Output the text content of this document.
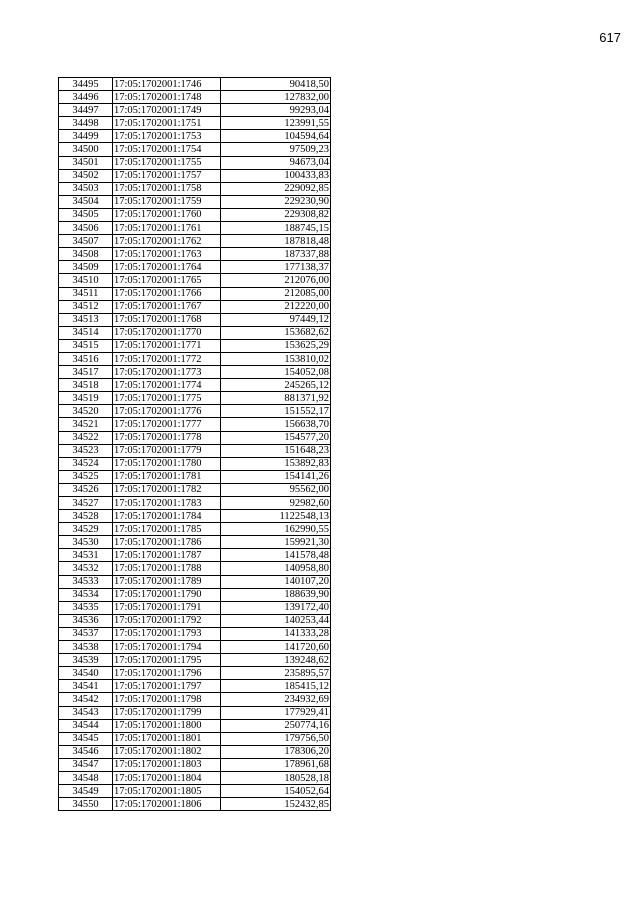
617
34495	17:05:1702001:1746	90418,50
34496	17:05:1702001:1748	127832,00
34497	17:05:1702001:1749	99293,04
34498	17:05:1702001:1751	123991,55
34499	17:05:1702001:1753	104594,64
34500	17:05:1702001:1754	97509,23
34501	17:05:1702001:1755	94673,04
34502	17:05:1702001:1757	100433,83
34503	17:05:1702001:1758	229092,85
34504	17:05:1702001:1759	229230,90
34505	17:05:1702001:1760	229308,82
34506	17:05:1702001:1761	188745,15
34507	17:05:1702001:1762	187818,48
34508	17:05:1702001:1763	187337,88
34509	17:05:1702001:1764	177138,37
34510	17:05:1702001:1765	212076,00
34511	17:05:1702001:1766	212085,00
34512	17:05:1702001:1767	212220,00
34513	17:05:1702001:1768	97449,12
34514	17:05:1702001:1770	153682,62
34515	17:05:1702001:1771	153625,29
34516	17:05:1702001:1772	153810,02
34517	17:05:1702001:1773	154052,08
34518	17:05:1702001:1774	245265,12
34519	17:05:1702001:1775	881371,92
34520	17:05:1702001:1776	151552,17
34521	17:05:1702001:1777	156638,70
34522	17:05:1702001:1778	154577,20
34523	17:05:1702001:1779	151648,23
34524	17:05:1702001:1780	153892,83
34525	17:05:1702001:1781	154141,26
34526	17:05:1702001:1782	95562,00
34527	17:05:1702001:1783	92982,60
34528	17:05:1702001:1784	1122548,13
34529	17:05:1702001:1785	162990,55
34530	17:05:1702001:1786	159921,30
34531	17:05:1702001:1787	141578,48
34532	17:05:1702001:1788	140958,80
34533	17:05:1702001:1789	140107,20
34534	17:05:1702001:1790	188639,90
34535	17:05:1702001:1791	139172,40
34536	17:05:1702001:1792	140253,44
34537	17:05:1702001:1793	141333,28
34538	17:05:1702001:1794	141720,60
34539	17:05:1702001:1795	139248,62
34540	17:05:1702001:1796	235895,57
34541	17:05:1702001:1797	185415,12
34542	17:05:1702001:1798	234932,69
34543	17:05:1702001:1799	177929,41
34544	17:05:1702001:1800	250774,16
34545	17:05:1702001:1801	179756,50
34546	17:05:1702001:1802	178306,20
34547	17:05:1702001:1803	178961,68
34548	17:05:1702001:1804	180528,18
34549	17:05:1702001:1805	154052,64
34550	17:05:1702001:1806	152432,85
